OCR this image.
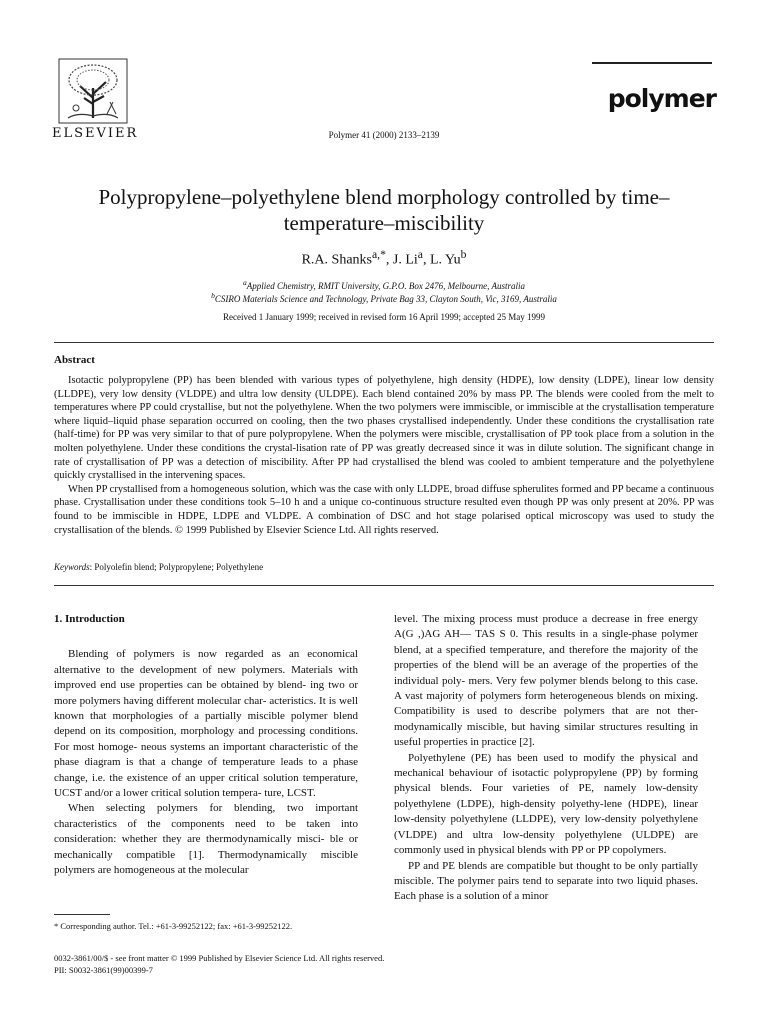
ELSEVIER	Polymer 41 (2000) 2133–2139
polymer
Polypropylene–polyethylene blend morphology controlled by time–
temperature–miscibility
R.A. Shanks$^{a,*}$, J. Li$^a$, L. Yu$^b$
$^a$Applied Chemistry, RMIT University, G.P.O. Box 2476, Melbourne, Australia
$^b$CSIRO Materials Science and Technology, Private Bag 33, Clayton South, Vic, 3169, Australia
Received 1 January 1999; received in revised form 16 April 1999; accepted 25 May 1999
Abstract

Isotactic polypropylene (PP) has been blended with various types of polyethylene, high density (HDPE), low density (LDPE), linear low density (LLDPE), very low density (VLDPE) and ultra low density (ULDPE). Each blend contained 20% by mass PP. The blends were cooled from the melt to temperatures where PP could crystallise, but not the polyethylene. When the two polymers were immiscible, or immiscible at the crystallisation temperature where liquid–liquid phase separation occurred on cooling, then the two phases crystallised independently. Under these conditions the crystallisation rate (half-time) for PP was very similar to that of pure polypropylene. When the polymers were miscible, crystallisation of PP took place from a solution in the molten polyethylene. Under these conditions the crystal-lisation rate of PP was greatly decreased since it was in dilute solution. The significant change in rate of crystallisation of PP was a detection of miscibility. After PP had crystallised the blend was cooled to ambient temperature and the polyethylene quickly crystallised in the intervening spaces.

When PP crystallised from a homogeneous solution, which was the case with only LLDPE, broad diffuse spherulites formed and PP became a continuous phase. Crystallisation under these conditions took 5–10 h and a unique co-continuous structure resulted even though PP was only present at 20%. PP was found to be immiscible in HDPE, LDPE and VLDPE. A combination of DSC and hot stage polarised optical microscopy was used to study the crystallisation of the blends. © 1999 Published by Elsevier Science Ltd. All rights reserved.

Keywords: Polyolefin blend; Polypropylene; Polyethylene
1. Introduction

Blending of polymers is now regarded as an economical alternative to the development of new polymers. Materials with improved end use properties can be obtained by blend- ing two or more polymers having different molecular char- acteristics. It is well known that morphologies of a partially miscible polymer blend depend on its composition, morphology and processing conditions. For most homoge- neous systems an important characteristic of the phase diagram is that a change of temperature leads to a phase change, i.e. the existence of an upper critical solution temperature, UCST and/or a lower critical solution tempera- ture, LCST.

When selecting polymers for blending, two important characteristics of the components need to be taken into consideration: whether they are thermodynamically misci- ble or mechanically compatible [1]. Thermodynamically miscible polymers are homogeneous at the molecular

level. The mixing process must produce a decrease in free energy A(G ,)AG AH— TAS S 0. This results in a single-phase polymer blend, at a specified temperature, and therefore the majority of the properties of the blend will be an average of the properties of the individual poly- mers. Very few polymer blends belong to this case. A vast majority of polymers form heterogeneous blends on mixing. Compatibility is used to describe polymers that are not ther- modynamically miscible, but having similar structures resulting in useful properties in practice [2].

Polyethylene (PE) has been used to modify the physical and mechanical behaviour of isotactic polypropylene (PP) by forming physical blends. Four varieties of PE, namely low-density polyethylene (LDPE), high-density polyethy-lene (HDPE), linear low-density polyethylene (LLDPE), very low-density polyethylene (VLDPE) and ultra low-density polyethylene (ULDPE) are commonly used in physical blends with PP or PP copolymers.

PP and PE blends are compatible but thought to be only partially miscible. The polymer pairs tend to separate into two liquid phases. Each phase is a solution of a minor

* Corresponding author. Tel.: +61-3-99252122; fax: +61-3-99252122.
0032-3861/00/$ - see front matter © 1999 Published by Elsevier Science Ltd. All rights reserved.
PII: S0032-3861(99)00399-7
